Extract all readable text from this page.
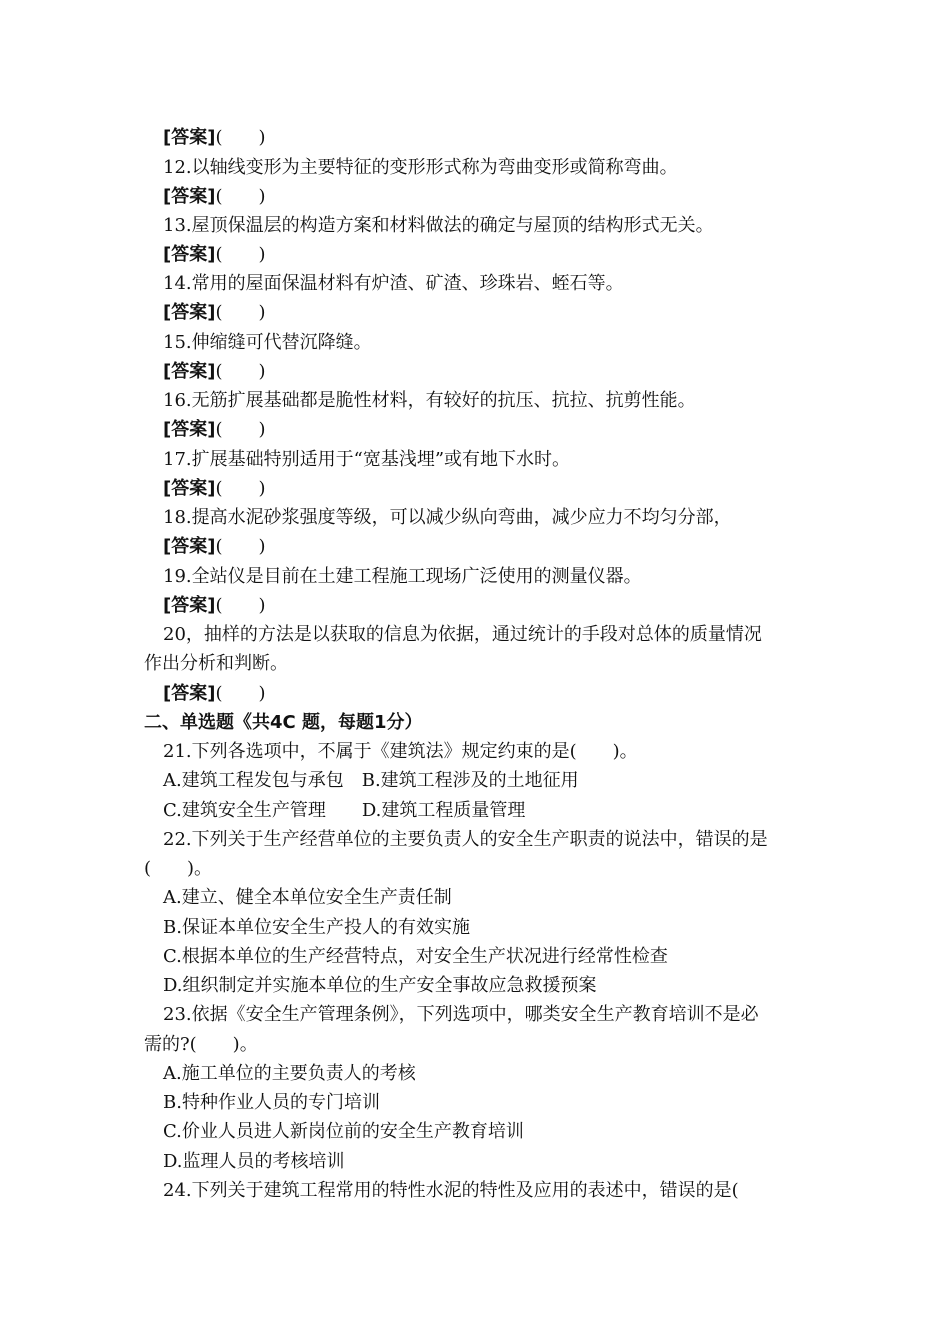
[答案](　　)
12.以轴线变形为主要特征的变形形式称为弯曲变形或简称弯曲。
[答案](　　)
13.屋顶保温层的构造方案和材料做法的确定与屋顶的结构形式无关。
[答案](　　)
14.常用的屋面保温材料有炉渣、矿渣、珍珠岩、蛭石等。
[答案](　　)
15.伸缩缝可代替沉降缝。
[答案](　　)
16.无筋扩展基础都是脆性材料，有较好的抗压、抗拉、抗剪性能。
[答案](　　)
17.扩展基础特别适用于“宽基浅埋”或有地下水时。
[答案](　　)
18.提高水泥砂浆强度等级，可以减少纵向弯曲，减少应力不均匀分部，
[答案](　　)
19.全站仪是目前在土建工程施工现场广泛使用的测量仪器。
[答案](　　)
20，抽样的方法是以获取的信息为依据，通过统计的手段对总体的质量情况
作出分析和判断。
[答案](　　)
二、单选题《共4C 题，每题1分）
21.下列各选项中，不属于《建筑法》规定约束的是(　　)。
A.建筑工程发包与承包　B.建筑工程涉及的土地征用
C.建筑安全生产管理　　D.建筑工程质量管理
22.下列关于生产经营单位的主要负责人的安全生产职责的说法中，错误的是
(　　)。
A.建立、健全本单位安全生产责任制
B.保证本单位安全生产投人的有效实施
C.根据本单位的生产经营特点，对安全生产状况进行经常性检查
D.组织制定并实施本单位的生产安全事故应急救援预案
23.依据《安全生产管理条例》，下列选项中，哪类安全生产教育培训不是必
需的?(　　)。
A.施工单位的主要负责人的考核
B.特种作业人员的专门培训
C.价业人员进人新岗位前的安全生产教育培训
D.监理人员的考核培训
24.下列关于建筑工程常用的特性水泥的特性及应用的表述中，错误的是(
